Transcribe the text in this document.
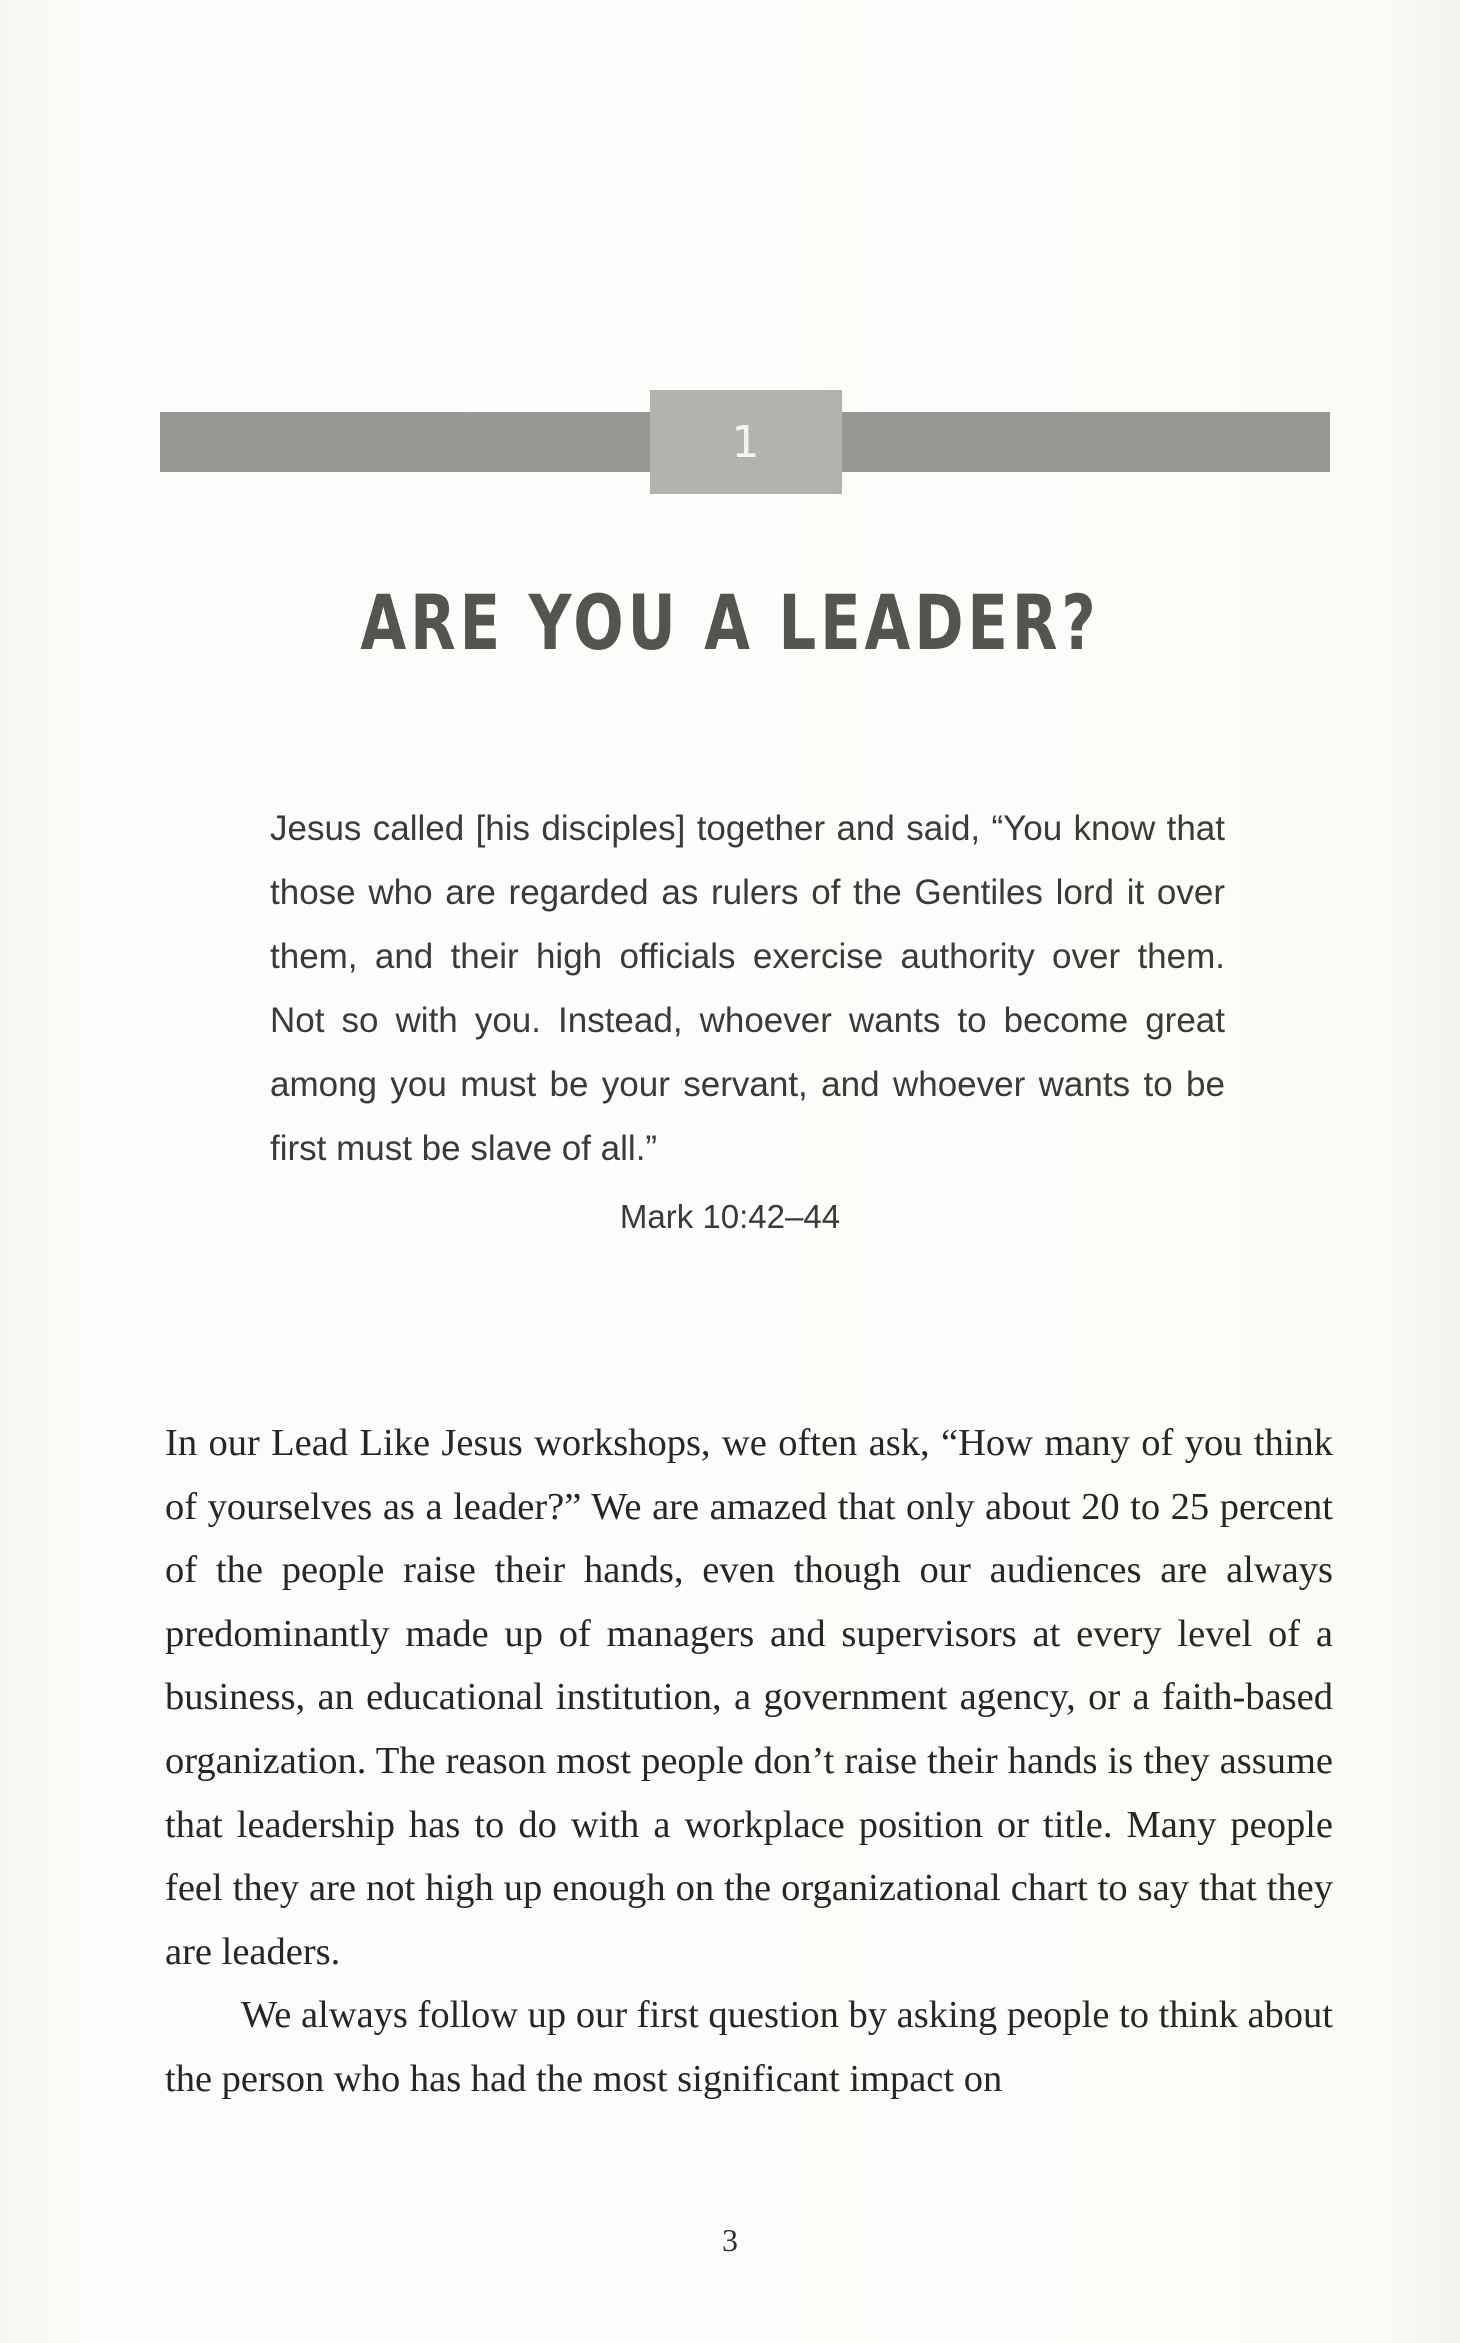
1
ARE YOU A LEADER?

Jesus called [his disciples] together and said, “You know that those who are regarded as rulers of the Gentiles lord it over them, and their high officials exercise authority over them. Not so with you. Instead, whoever wants to become great among you must be your servant, and whoever wants to be first must be slave of all.”

Mark 10:42–44

In our Lead Like Jesus workshops, we often ask, “How many of you think of yourselves as a leader?” We are amazed that only about 20 to 25 percent of the people raise their hands, even though our audiences are always predominantly made up of managers and supervisors at every level of a business, an educational institution, a government agency, or a faith-based organization. The reason most people don’t raise their hands is they assume that leadership has to do with a workplace position or title. Many people feel they are not high up enough on the organizational chart to say that they are leaders.

We always follow up our first question by asking people to think about the person who has had the most significant impact on

3
